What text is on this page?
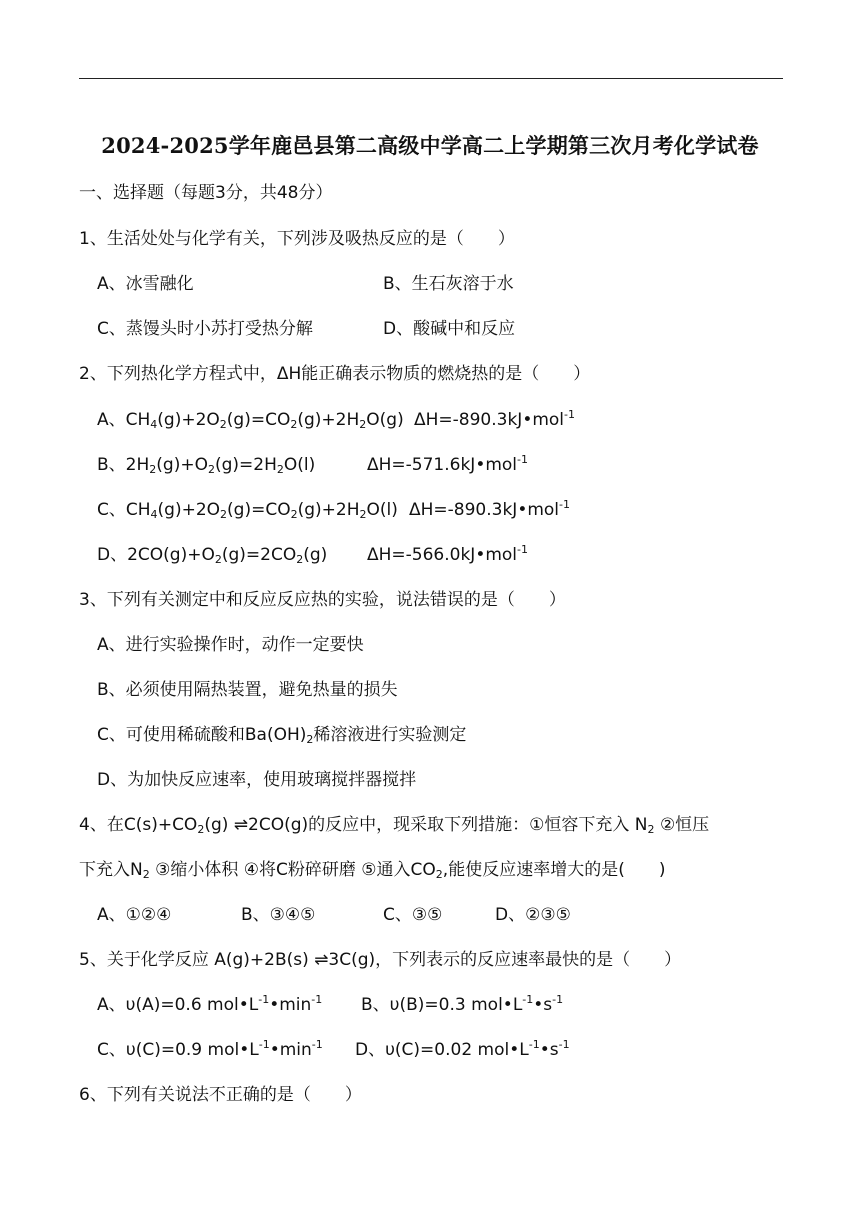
2024-2025学年鹿邑县第二高级中学高二上学期第三次月考化学试卷
一、选择题（每题3分，共48分）
1、生活处处与化学有关，下列涉及吸热反应的是（　　）
A、冰雪融化	B、生石灰溶于水
C、蒸馒头时小苏打受热分解	D、酸碱中和反应
2、下列热化学方程式中，ΔH能正确表示物质的燃烧热的是（　　）
A、$CH_4(g)+2O_2(g)=CO_2(g)+2H_2O(g)$ ΔH=-890.3kJ•mol$^{-1}$
B、$2H_2(g)+O_2(g)=2H_2O(l)$	ΔH=-571.6kJ•mol$^{-1}$
C、$CH_4(g)+2O_2(g)=CO_2(g)+2H_2O(l)$ ΔH=-890.3kJ•mol$^{-1}$
D、$2CO(g)+O_2(g)=2CO_2(g)$ ΔH=-566.0kJ•mol$^{-1}$
3、下列有关测定中和反应反应热的实验，说法错误的是（　　）
A、进行实验操作时，动作一定要快
B、必须使用隔热装置，避免热量的损失
C、可使用稀硫酸和$Ba(OH)_2$稀溶液进行实验测定
D、为加快反应速率，使用玻璃搅拌器搅拌
4、在$C(s)+CO_2(g)$ ⇌2CO(g)的反应中，现采取下列措施：①恒容下充入 $N_2$ ②恒压
下充入$N_2$ ③缩小体积 ④将C粉碎研磨 ⑤通入$CO_2$,能使反应速率增大的是(　　)
A、①②④	B、③④⑤	C、③⑤	D、②③⑤
5、关于化学反应 A(g)+2B(s) ⇌3C(g)，下列表示的反应速率最快的是（　　）
A、υ(A)=0.6 $mol•L^{-1}•\min^{-1}$ B、υ(B)=0.3 $mol•L^{-1}•s^{-1}$
C、υ(C)=0.9 $mol•L^{-1}•\min^{-1}$ D、υ(C)=0.02 $mol•L^{-1}•s^{-1}$
6、下列有关说法不正确的是（　　）
